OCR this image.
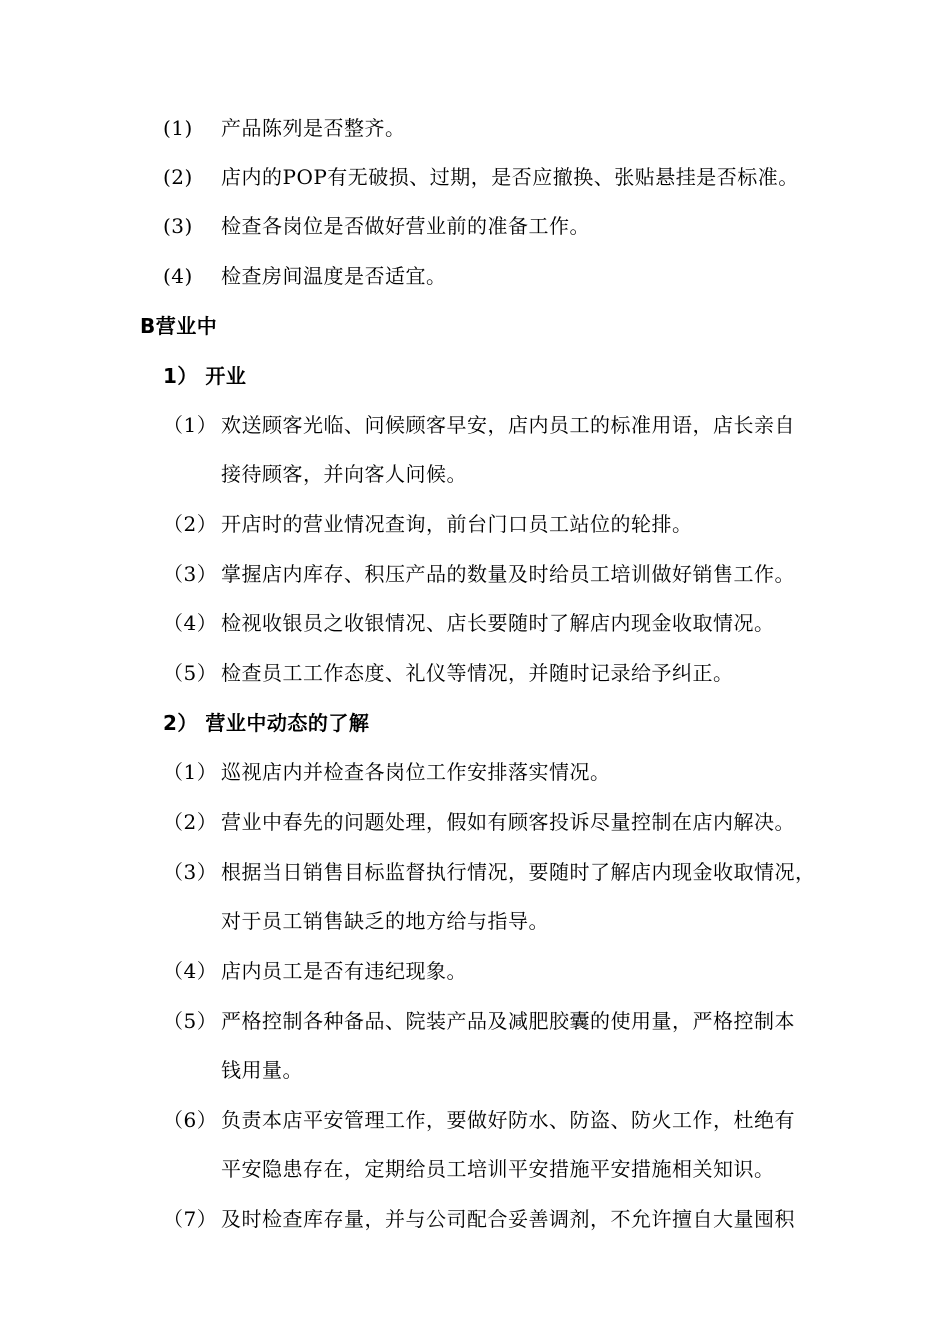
(1) 产品陈列是否整齐。
(2) 店内的POP有无破损、过期，是否应撤换、张贴悬挂是否标准。
(3) 检查各岗位是否做好营业前的准备工作。
(4) 检查房间温度是否适宜。
B营业中
1） 开业
（1） 欢送顾客光临、问候顾客早安，店内员工的标准用语，店长亲自
接待顾客，并向客人问候。
（2） 开店时的营业情况查询，前台门口员工站位的轮排。
（3） 掌握店内库存、积压产品的数量及时给员工培训做好销售工作。
（4） 检视收银员之收银情况、店长要随时了解店内现金收取情况。
（5） 检查员工工作态度、礼仪等情况，并随时记录给予纠正。
2） 营业中动态的了解
（1） 巡视店内并检查各岗位工作安排落实情况。
（2） 营业中春先的问题处理，假如有顾客投诉尽量控制在店内解决。
（3） 根据当日销售目标监督执行情况，要随时了解店内现金收取情况，
对于员工销售缺乏的地方给与指导。
（4） 店内员工是否有违纪现象。
（5） 严格控制各种备品、院装产品及减肥胶囊的使用量，严格控制本
钱用量。
（6） 负责本店平安管理工作，要做好防水、防盗、防火工作，杜绝有
平安隐患存在，定期给员工培训平安措施平安措施相关知识。
（7） 及时检查库存量，并与公司配合妥善调剂，不允许擅自大量囤积
